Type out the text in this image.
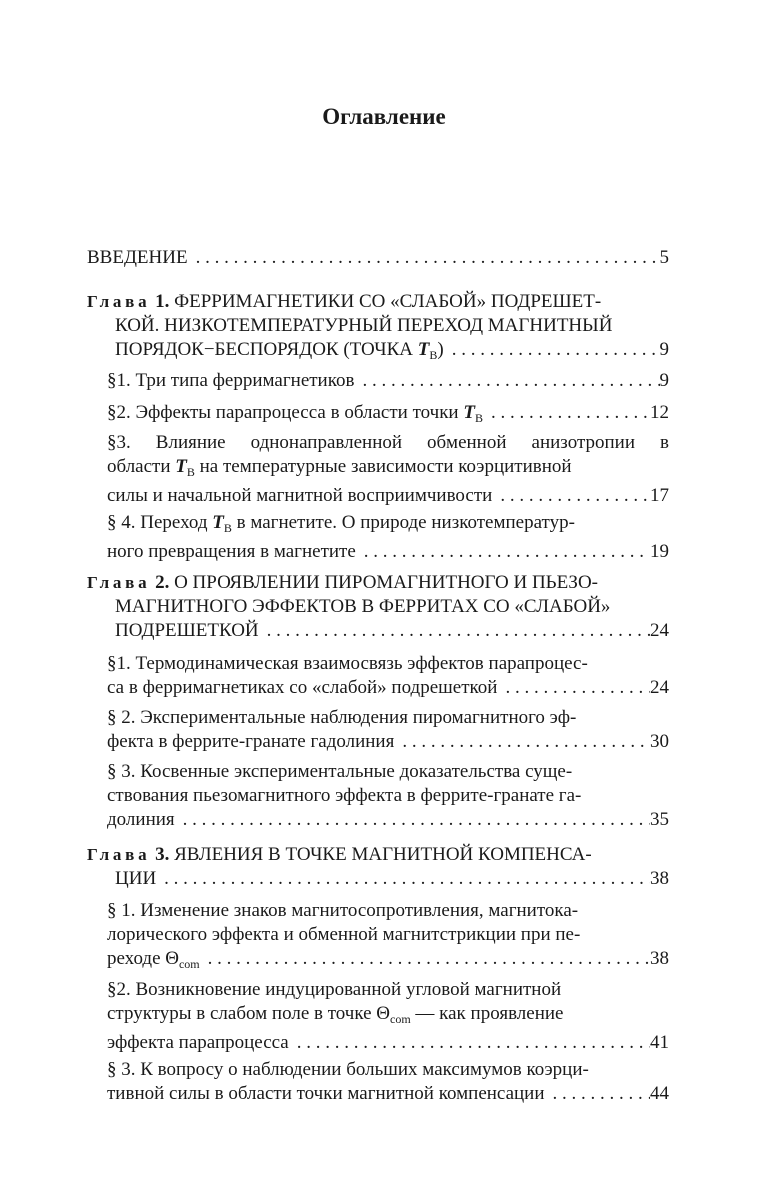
Оглавление
ВВЕДЕНИЕ . . .	5
Глава 1. ФЕРРИМАГНЕТИКИ СО «СЛАБОЙ» ПОДРЕШЕТ-
КОЙ. НИЗКОТЕМПЕРАТУРНЫЙ ПЕРЕХОД МАГНИТНЫЙ
ПОРЯДОК−БЕСПОРЯДОК (ТОЧКА $T_B$) . . .	9
§1. Три типа ферримагнетиков . . .	9
§2. Эффекты парапроцесса в области точки $T_B$ . . .	12
§3. Влияние однонаправленной обменной анизотропии в
области $T_B$ на температурные зависимости коэрцитивной
силы и начальной магнитной восприимчивости . . .	17
§ 4. Переход $T_B$ в магнетите. О природе низкотемператур-
ного превращения в магнетите . . .	19
Глава 2. О ПРОЯВЛЕНИИ ПИРОМАГНИТНОГО И ПЬЕЗО-
МАГНИТНОГО ЭФФЕКТОВ В ФЕРРИТАХ СО «СЛАБОЙ»
ПОДРЕШЕТКОЙ . . .	24
§1. Термодинамическая взаимосвязь эффектов парапроцес-
са в ферримагнетиках со «слабой» подрешеткой . . .	24
§ 2. Экспериментальные наблюдения пиромагнитного эф-
фекта в феррите-гранате гадолиния . . .	30
§ 3. Косвенные экспериментальные доказательства суще-
ствования пьезомагнитного эффекта в феррите-гранате га-
долиния . . .	35
Глава 3. ЯВЛЕНИЯ В ТОЧКЕ МАГНИТНОЙ КОМПЕНСА-
ЦИИ . . .	38
§ 1. Изменение знаков магнитосопротивления, магнитока-
лорического эффекта и обменной магнитстрикции при пе-
реходе $\Theta_{com}$ . . .	38
§2. Возникновение индуцированной угловой магнитной
структуры в слабом поле в точке $\Theta_{com}$ — как проявление
эффекта парапроцесса . . .	41
§ 3. К вопросу о наблюдении больших максимумов коэрци-
тивной силы в области точки магнитной компенсации . . .	44
